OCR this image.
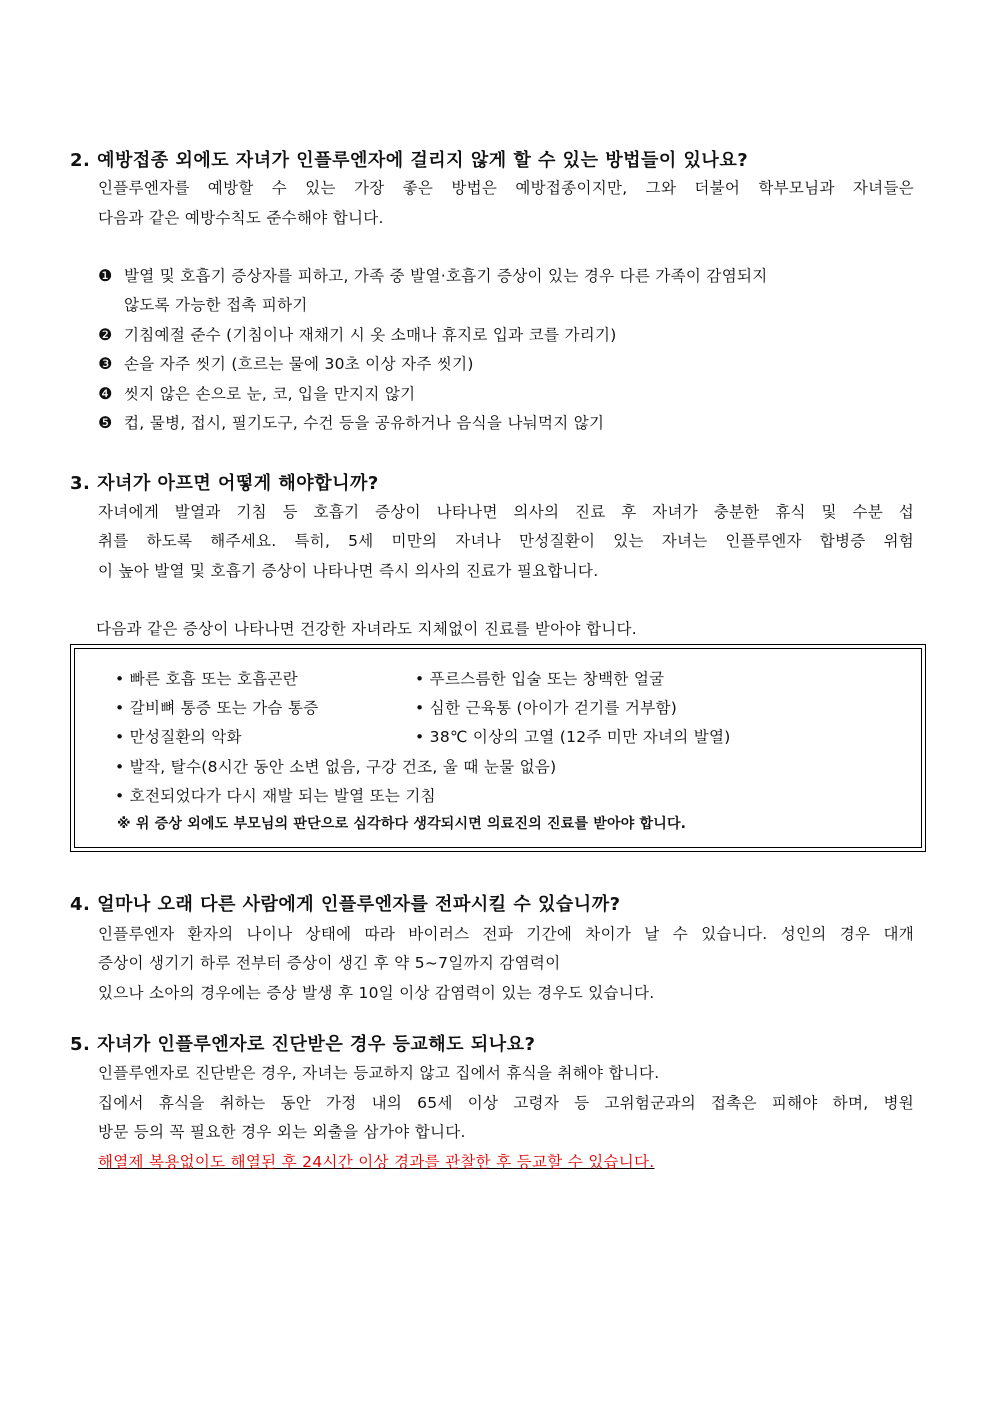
2. 예방접종 외에도 자녀가 인플루엔자에 걸리지 않게 할 수 있는 방법들이 있나요?
인플루엔자를 예방할 수 있는 가장 좋은 방법은 예방접종이지만, 그와 더불어 학부모님과 자녀들은
다음과 같은 예방수칙도 준수해야 합니다.
❶ 발열 및 호흡기 증상자를 피하고, 가족 중 발열·호흡기 증상이 있는 경우 다른 가족이 감염되지
않도록 가능한 접촉 피하기
❷ 기침예절 준수 (기침이나 재채기 시 옷 소매나 휴지로 입과 코를 가리기)
❸ 손을 자주 씻기 (흐르는 물에 30초 이상 자주 씻기)
❹ 씻지 않은 손으로 눈, 코, 입을 만지지 않기
❺ 컵, 물병, 접시, 필기도구, 수건 등을 공유하거나 음식을 나눠먹지 않기
3. 자녀가 아프면 어떻게 해야합니까?
자녀에게 발열과 기침 등 호흡기 증상이 나타나면 의사의 진료 후 자녀가 충분한 휴식 및 수분 섭
취를 하도록 해주세요. 특히, 5세 미만의 자녀나 만성질환이 있는 자녀는 인플루엔자 합병증 위험
이 높아 발열 및 호흡기 증상이 나타나면 즉시 의사의 진료가 필요합니다.
다음과 같은 증상이 나타나면 건강한 자녀라도 지체없이 진료를 받아야 합니다.
• 빠른 호흡 또는 호흡곤란	• 푸르스름한 입술 또는 창백한 얼굴
• 갈비뼈 통증 또는 가슴 통증	• 심한 근육통 (아이가 걷기를 거부함)
• 만성질환의 악화	• 38℃ 이상의 고열 (12주 미만 자녀의 발열)
• 발작, 탈수(8시간 동안 소변 없음, 구강 건조, 울 때 눈물 없음)
• 호전되었다가 다시 재발 되는 발열 또는 기침
※ 위 증상 외에도 부모님의 판단으로 심각하다 생각되시면 의료진의 진료를 받아야 합니다.
4. 얼마나 오래 다른 사람에게 인플루엔자를 전파시킬 수 있습니까?
인플루엔자 환자의 나이나 상태에 따라 바이러스 전파 기간에 차이가 날 수 있습니다. 성인의 경우 대개
증상이 생기기 하루 전부터 증상이 생긴 후 약 5~7일까지 감염력이
있으나 소아의 경우에는 증상 발생 후 10일 이상 감염력이 있는 경우도 있습니다.
5. 자녀가 인플루엔자로 진단받은 경우 등교해도 되나요?
인플루엔자로 진단받은 경우, 자녀는 등교하지 않고 집에서 휴식을 취해야 합니다.
집에서 휴식을 취하는 동안 가정 내의 65세 이상 고령자 등 고위험군과의 접촉은 피해야 하며, 병원
방문 등의 꼭 필요한 경우 외는 외출을 삼가야 합니다.
해열제 복용없이도 해열된 후 24시간 이상 경과를 관찰한 후 등교할 수 있습니다.
